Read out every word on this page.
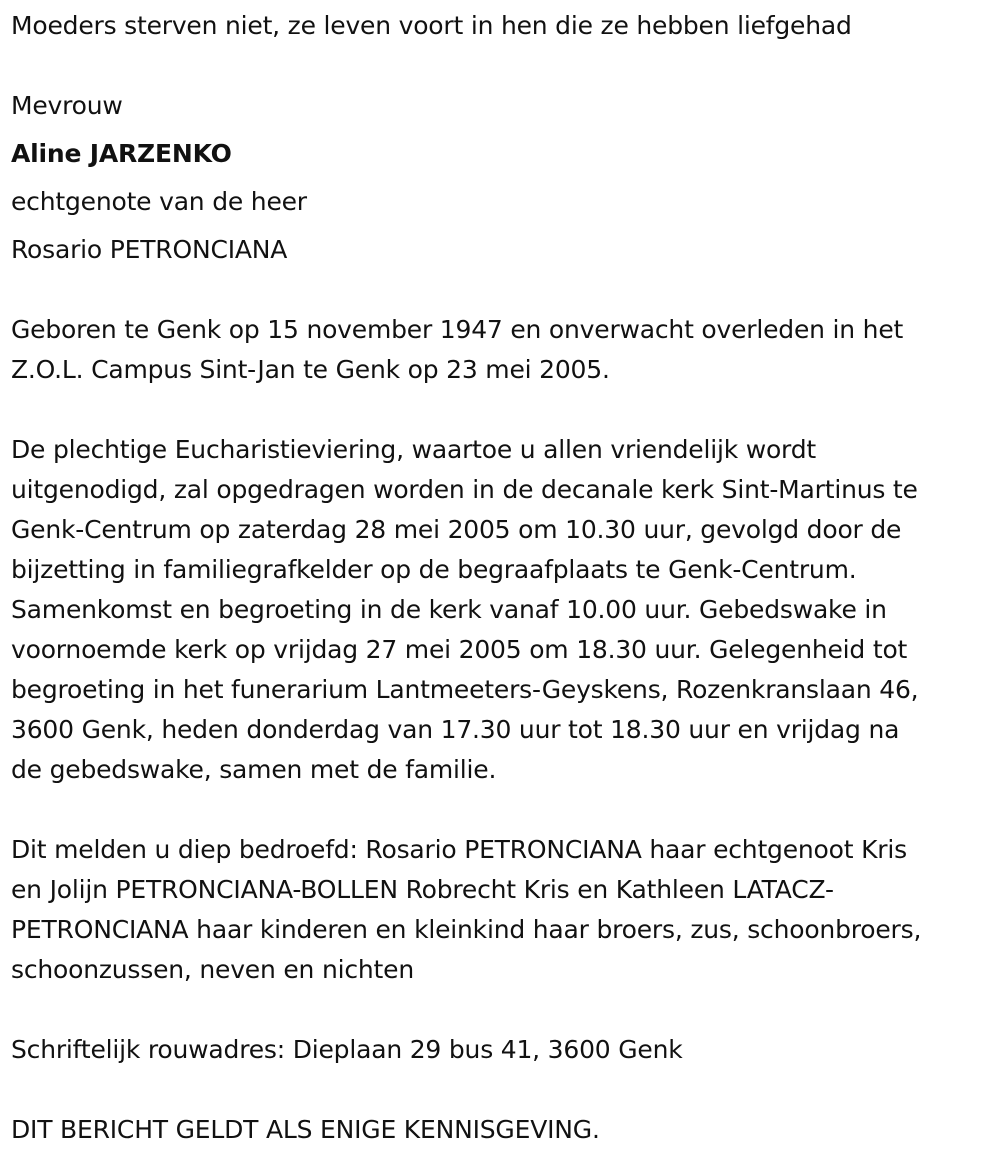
Moeders sterven niet, ze leven voort in hen die ze hebben liefgehad

Mevrouw

Aline JARZENKO

echtgenote van de heer

Rosario PETRONCIANA

Geboren te Genk op 15 november 1947 en onverwacht overleden in het
Z.O.L. Campus Sint-Jan te Genk op 23 mei 2005.
De plechtige Eucharistieviering, waartoe u allen vriendelijk wordt
uitgenodigd, zal opgedragen worden in de decanale kerk Sint-Martinus te
Genk-Centrum op zaterdag 28 mei 2005 om 10.30 uur, gevolgd door de
bijzetting in familiegrafkelder op de begraafplaats te Genk-Centrum.
Samenkomst en begroeting in de kerk vanaf 10.00 uur. Gebedswake in
voornoemde kerk op vrijdag 27 mei 2005 om 18.30 uur. Gelegenheid tot
begroeting in het funerarium Lantmeeters-Geyskens, Rozenkranslaan 46,
3600 Genk, heden donderdag van 17.30 uur tot 18.30 uur en vrijdag na
de gebedswake, samen met de familie.
Dit melden u diep bedroefd: Rosario PETRONCIANA haar echtgenoot Kris
en Jolijn PETRONCIANA-BOLLEN Robrecht Kris en Kathleen LATACZ-
PETRONCIANA haar kinderen en kleinkind haar broers, zus, schoonbroers,
schoonzussen, neven en nichten

Schriftelijk rouwadres: Dieplaan 29 bus 41, 3600 Genk

DIT BERICHT GELDT ALS ENIGE KENNISGEVING.
